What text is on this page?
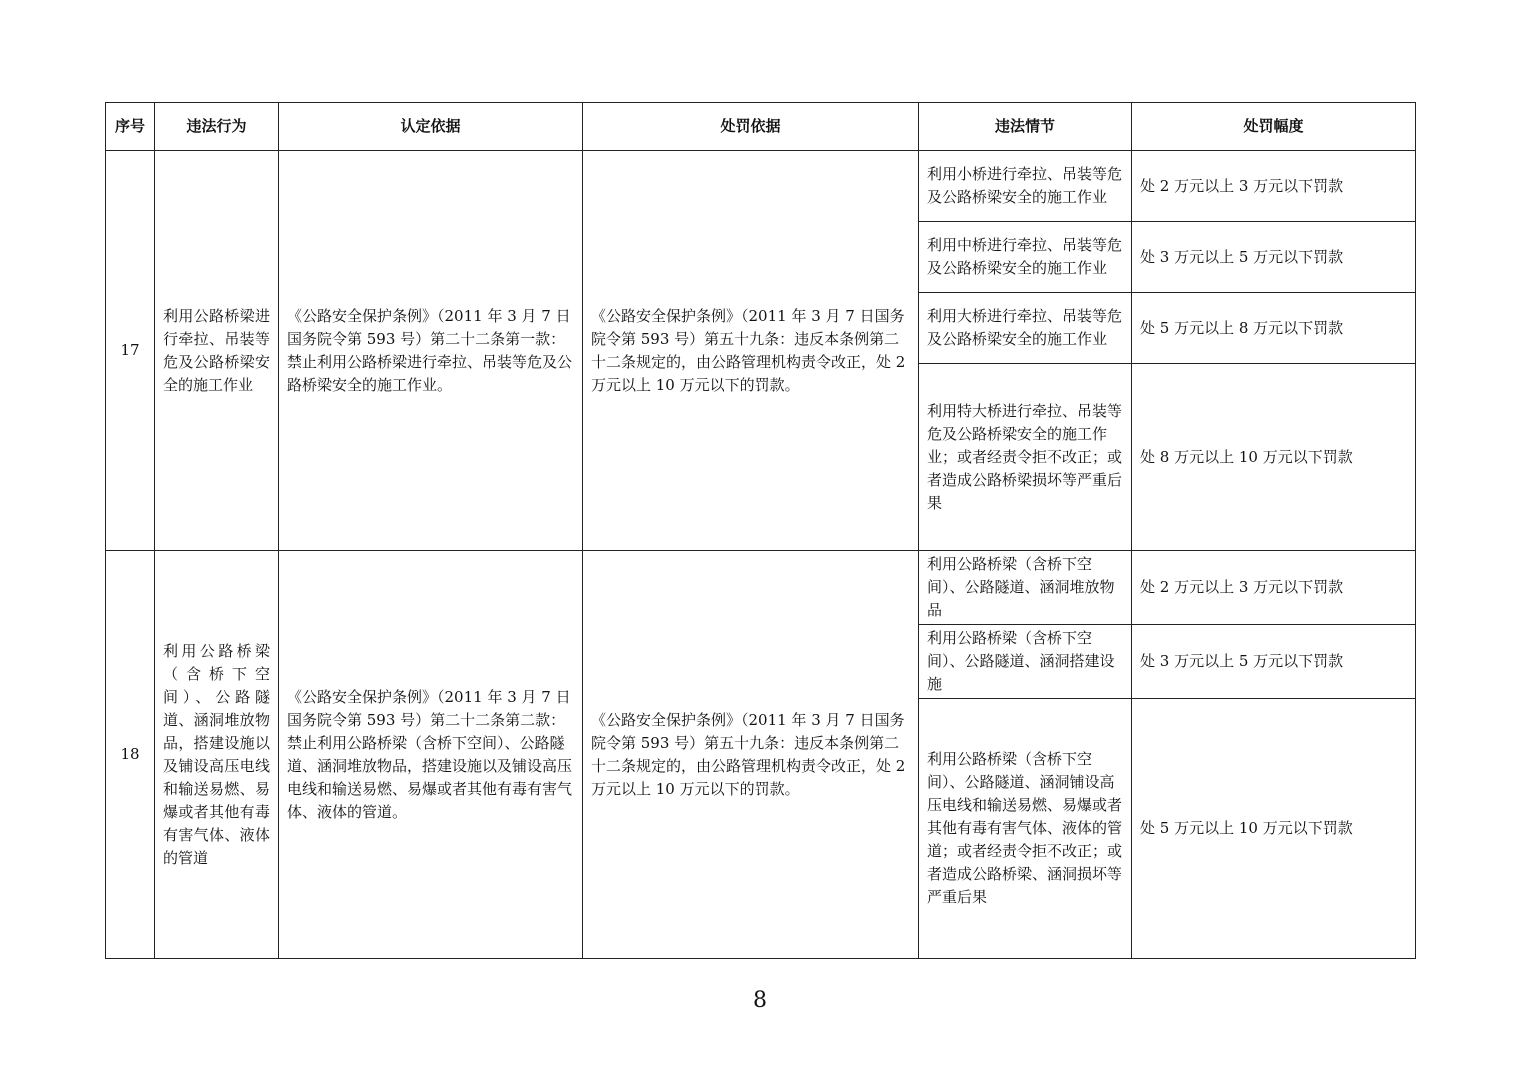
序号	违法行为	认定依据	处罚依据	违法情节	处罚幅度
17	利用公路桥梁进行牵拉、吊装等危及公路桥梁安全的施工作业	《公路安全保护条例》（2011 年 3 月 7 日国务院令第 593 号）第二十二条第一款：禁止利用公路桥梁进行牵拉、吊装等危及公路桥梁安全的施工作业。	《公路安全保护条例》（2011 年 3 月 7 日国务院令第 593 号）第五十九条：违反本条例第二十二条规定的，由公路管理机构责令改正，处 2 万元以上 10 万元以下的罚款。	利用小桥进行牵拉、吊装等危及公路桥梁安全的施工作业	处 2 万元以上 3 万元以下罚款
				利用中桥进行牵拉、吊装等危及公路桥梁安全的施工作业	处 3 万元以上 5 万元以下罚款
				利用大桥进行牵拉、吊装等危及公路桥梁安全的施工作业	处 5 万元以上 8 万元以下罚款
				利用特大桥进行牵拉、吊装等危及公路桥梁安全的施工作业；或者经责令拒不改正；或者造成公路桥梁损坏等严重后果	处 8 万元以上 10 万元以下罚款
18	利用公路桥梁（含桥下空间）、公路隧道、涵洞堆放物品，搭建设施以及铺设高压电线和输送易燃、易爆或者其他有毒有害气体、液体的管道	《公路安全保护条例》（2011 年 3 月 7 日国务院令第 593 号）第二十二条第二款：禁止利用公路桥梁（含桥下空间）、公路隧道、涵洞堆放物品，搭建设施以及铺设高压电线和输送易燃、易爆或者其他有毒有害气体、液体的管道。	《公路安全保护条例》（2011 年 3 月 7 日国务院令第 593 号）第五十九条：违反本条例第二十二条规定的，由公路管理机构责令改正，处 2 万元以上 10 万元以下的罚款。	利用公路桥梁（含桥下空间）、公路隧道、涵洞堆放物品	处 2 万元以上 3 万元以下罚款
				利用公路桥梁（含桥下空间）、公路隧道、涵洞搭建设施	处 3 万元以上 5 万元以下罚款
				利用公路桥梁（含桥下空间）、公路隧道、涵洞铺设高压电线和输送易燃、易爆或者其他有毒有害气体、液体的管道；或者经责令拒不改正；或者造成公路桥梁、涵洞损坏等严重后果	处 5 万元以上 10 万元以下罚款
8
